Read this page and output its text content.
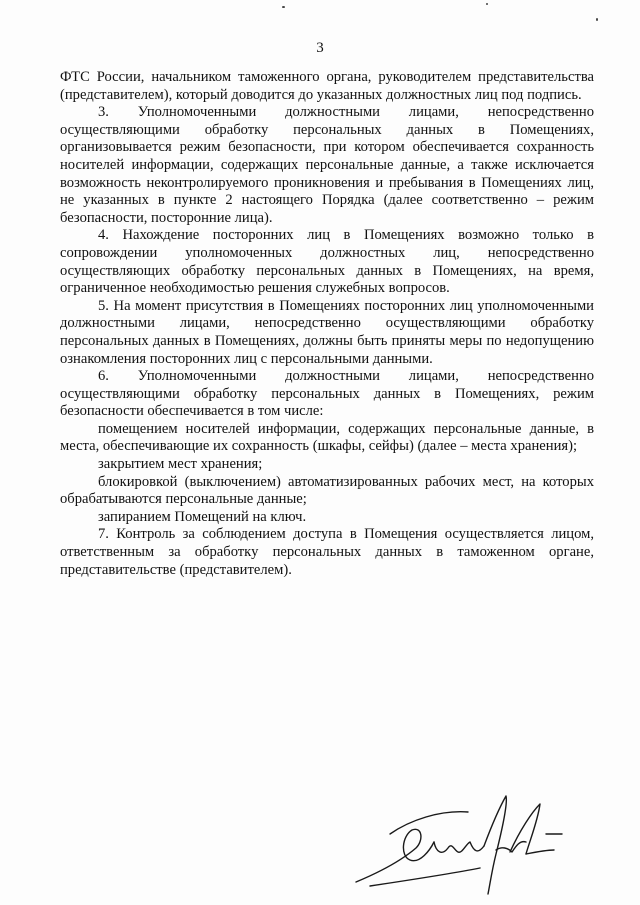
3

ФТС России, начальником таможенного органа, руководителем представительства (представителем), который доводится до указанных должностных лиц под подпись.

3. Уполномоченными должностными лицами, непосредственно осуществляющими обработку персональных данных в Помещениях, организовывается режим безопасности, при котором обеспечивается сохранность носителей информации, содержащих персональные данные, а также исключается возможность неконтролируемого проникновения и пребывания в Помещениях лиц, не указанных в пункте 2 настоящего Порядка (далее соответственно – режим безопасности, посторонние лица).

4. Нахождение посторонних лиц в Помещениях возможно только в сопровождении уполномоченных должностных лиц, непосредственно осуществляющих обработку персональных данных в Помещениях, на время, ограниченное необходимостью решения служебных вопросов.

5. На момент присутствия в Помещениях посторонних лиц уполномоченными должностными лицами, непосредственно осуществляющими обработку персональных данных в Помещениях, должны быть приняты меры по недопущению ознакомления посторонних лиц с персональными данными.

6. Уполномоченными должностными лицами, непосредственно осуществляющими обработку персональных данных в Помещениях, режим безопасности обеспечивается в том числе:

помещением носителей информации, содержащих персональные данные, в места, обеспечивающие их сохранность (шкафы, сейфы) (далее – места хранения);

закрытием мест хранения;

блокировкой (выключением) автоматизированных рабочих мест, на которых обрабатываются персональные данные;

запиранием Помещений на ключ.

7. Контроль за соблюдением доступа в Помещения осуществляется лицом, ответственным за обработку персональных данных в таможенном органе, представительстве (представителем).
